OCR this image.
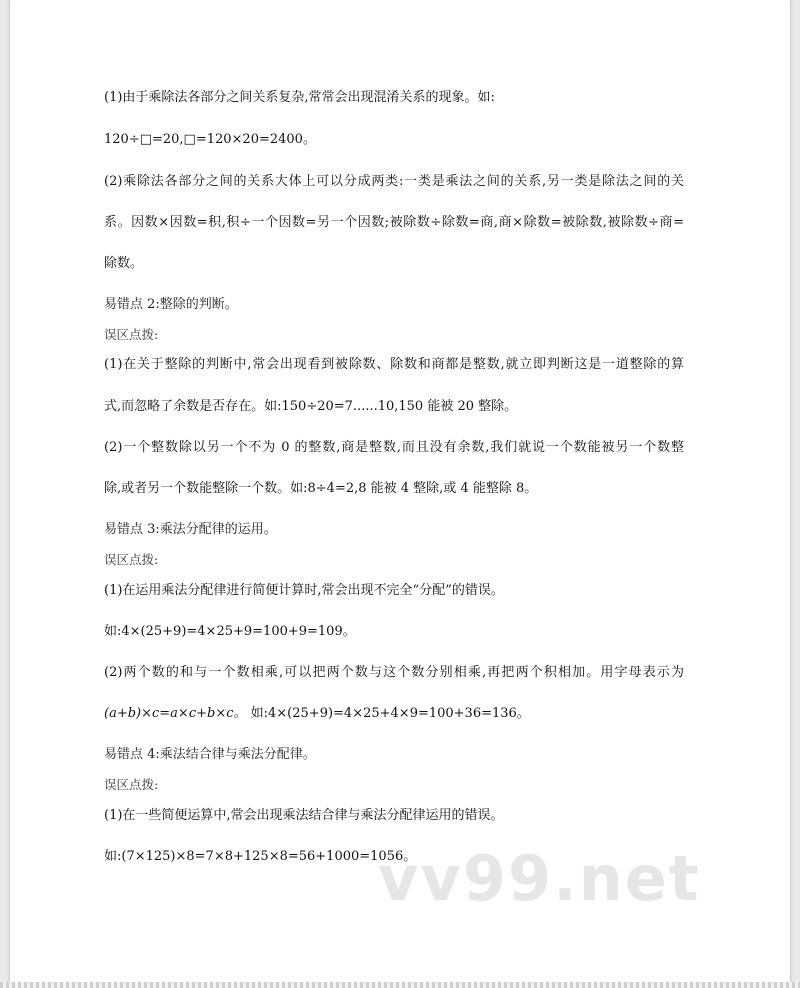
(1)由于乘除法各部分之间关系复杂,常常会出现混淆关系的现象。如:
120÷□=20,□=120×20=2400。
(2)乘除法各部分之间的关系大体上可以分成两类:一类是乘法之间的关系,另一类是除法之间的关
系。因数×因数=积,积÷一个因数=另一个因数;被除数÷除数=商,商×除数=被除数,被除数÷商=
除数。
易错点 2:整除的判断。
误区点拨:
(1)在关于整除的判断中,常会出现看到被除数、除数和商都是整数,就立即判断这是一道整除的算
式,而忽略了余数是否存在。如:150÷20=7......10,150 能被 20 整除。
(2)一个整数除以另一个不为 0 的整数,商是整数,而且没有余数,我们就说一个数能被另一个数整
除,或者另一个数能整除一个数。如:8÷4=2,8 能被 4 整除,或 4 能整除 8。
易错点 3:乘法分配律的运用。
误区点拨:
(1)在运用乘法分配律进行简便计算时,常会出现不完全“分配”的错误。
如:4×(25+9)=4×25+9=100+9=109。
(2)两个数的和与一个数相乘,可以把两个数与这个数分别相乘,再把两个积相加。用字母表示为
(a+b)×c=a×c+b×c。 如:4×(25+9)=4×25+4×9=100+36=136。
易错点 4:乘法结合律与乘法分配律。
误区点拨:
(1)在一些简便运算中,常会出现乘法结合律与乘法分配律运用的错误。
如:(7×125)×8=7×8+125×8=56+1000=1056。
vv99.net
